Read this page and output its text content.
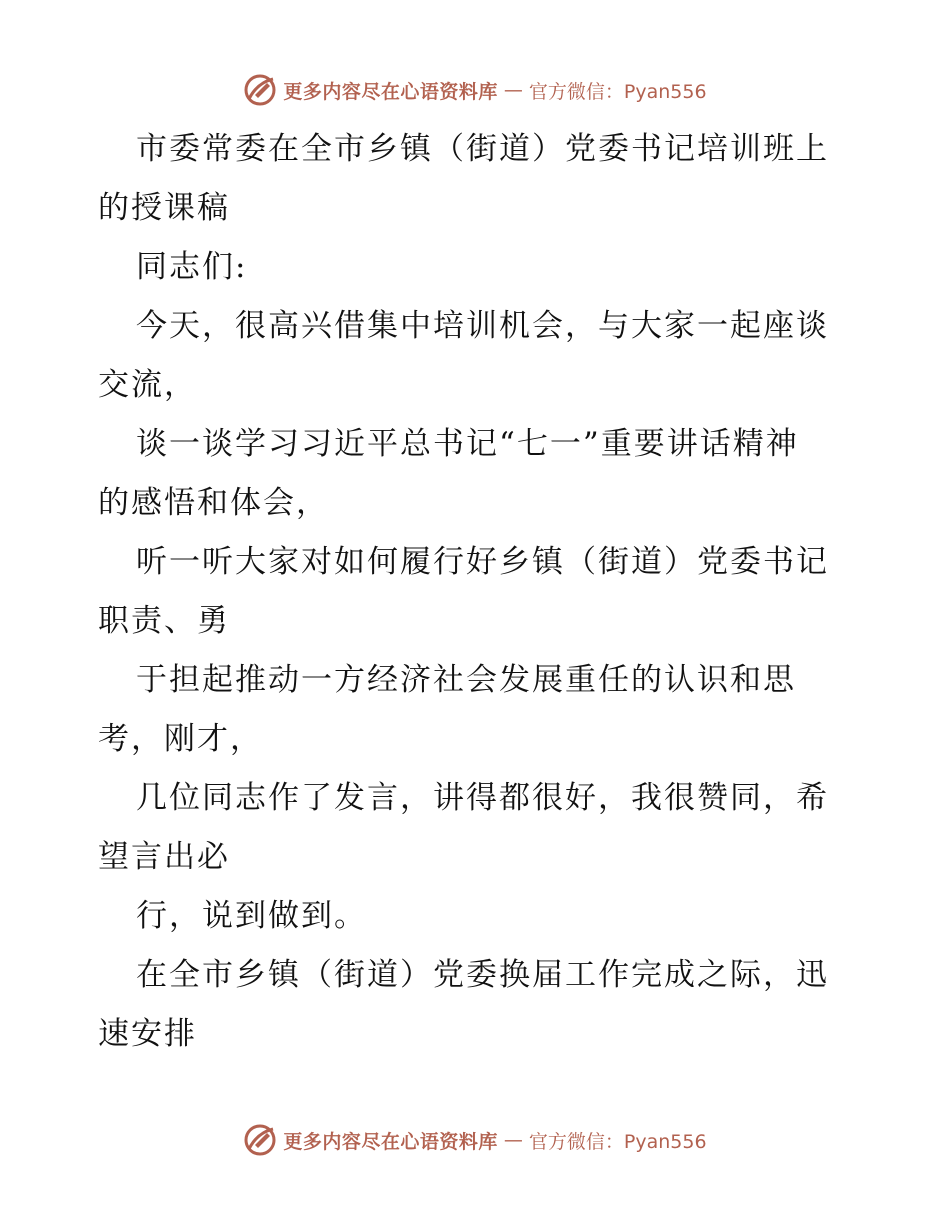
更多内容尽在心语资料库 — 官方微信：Pyan556
市委常委在全市乡镇（街道）党委书记培训班上
的授课稿
同志们:
今天，很高兴借集中培训机会，与大家一起座谈
交流，
谈一谈学习习近平总书记“七一”重要讲话精神
的感悟和体会，
听一听大家对如何履行好乡镇（街道）党委书记
职责、勇
于担起推动一方经济社会发展重任的认识和思
考，刚才，
几位同志作了发言，讲得都很好，我很赞同，希
望言出必
行，说到做到。
在全市乡镇（街道）党委换届工作完成之际，迅
速安排
更多内容尽在心语资料库 — 官方微信：Pyan556
